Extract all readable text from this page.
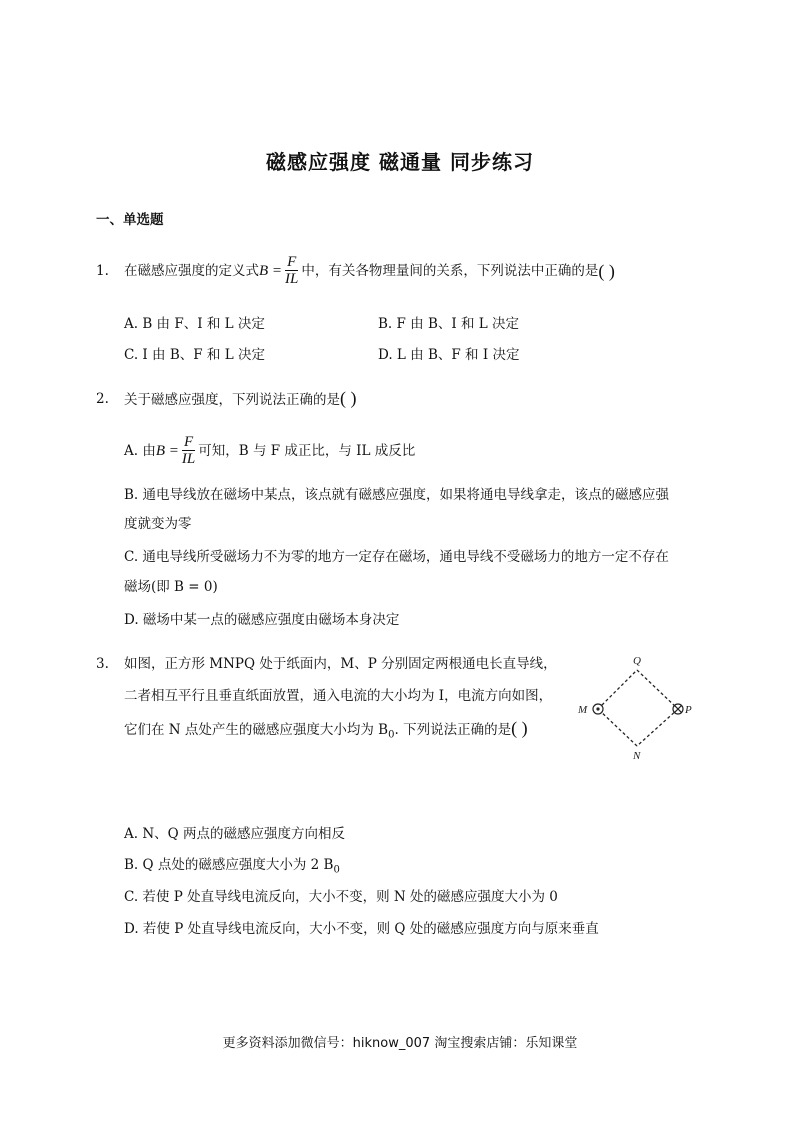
磁感应强度 磁通量 同步练习
一、单选题
1. 在磁感应强度的定义式 $B = \frac{F}{IL}$ 中，有关各物理量间的关系，下列说法中正确的是 ( )
A. B 由 F、I 和 L 决定	B. F 由 B、I 和 L 决定
C. I 由 B、F 和 L 决定	D. L 由 B、F 和 I 决定
2. 关于磁感应强度，下列说法正确的是( )
A. 由 $B = \frac{F}{IL}$ 可知，B 与 F 成正比，与 IL 成反比
B. 通电导线放在磁场中某点，该点就有磁感应强度，如果将通电导线拿走，该点的磁感应强
度就变为零
C. 通电导线所受磁场力不为零的地方一定存在磁场，通电导线不受磁场力的地方一定不存在
磁场(即 B = 0)
D. 磁场中某一点的磁感应强度由磁场本身决定
3. 如图，正方形 MNPQ 处于纸面内，M、P 分别固定两根通电长直导线，
二者相互平行且垂直纸面放置，通入电流的大小均为 I，电流方向如图，
它们在 N 点处产生的磁感应强度大小均为 $B_0$. 下列说法正确的是( )
Q
M
N
P
A. N、Q 两点的磁感应强度方向相反
B. Q 点处的磁感应强度大小为 2 $B_0$
C. 若使 P 处直导线电流反向，大小不变，则 N 处的磁感应强度大小为 0
D. 若使 P 处直导线电流反向，大小不变，则 Q 处的磁感应强度方向与原来垂直
更多资料添加微信号：hiknow_007 淘宝搜索店铺：乐知课堂
